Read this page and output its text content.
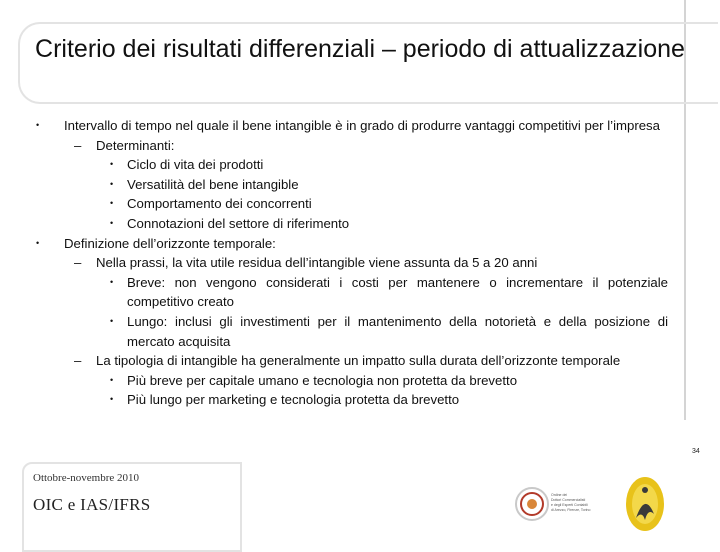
Criterio dei risultati differenziali – periodo di attualizzazione
• Intervallo di tempo nel quale il bene intangible è in grado di produrre vantaggi competitivi per l’impresa
– Determinanti:
• Ciclo di vita dei prodotti
• Versatilità del bene intangible
• Comportamento dei concorrenti
• Connotazioni del settore di riferimento
• Definizione dell’orizzonte temporale:
– Nella prassi, la vita utile residua dell’intangible viene assunta da 5 a 20 anni
• Breve: non vengono considerati i costi per mantenere o incrementare il potenziale competitivo creato
• Lungo: inclusi gli investimenti per il mantenimento della notorietà e della posizione di mercato acquisita
– La tipologia di intangible ha generalmente un impatto sulla durata dell’orizzonte temporale
• Più breve per capitale umano e tecnologia non protetta da brevetto
• Più lungo per marketing e tecnologia protetta da brevetto
34
Ottobre-novembre 2010
OIC e IAS/IFRS	Ordine dei
Dottori Commercialisti
e degli Esperti Contabili
di Arezzo, Firenze, Torino
